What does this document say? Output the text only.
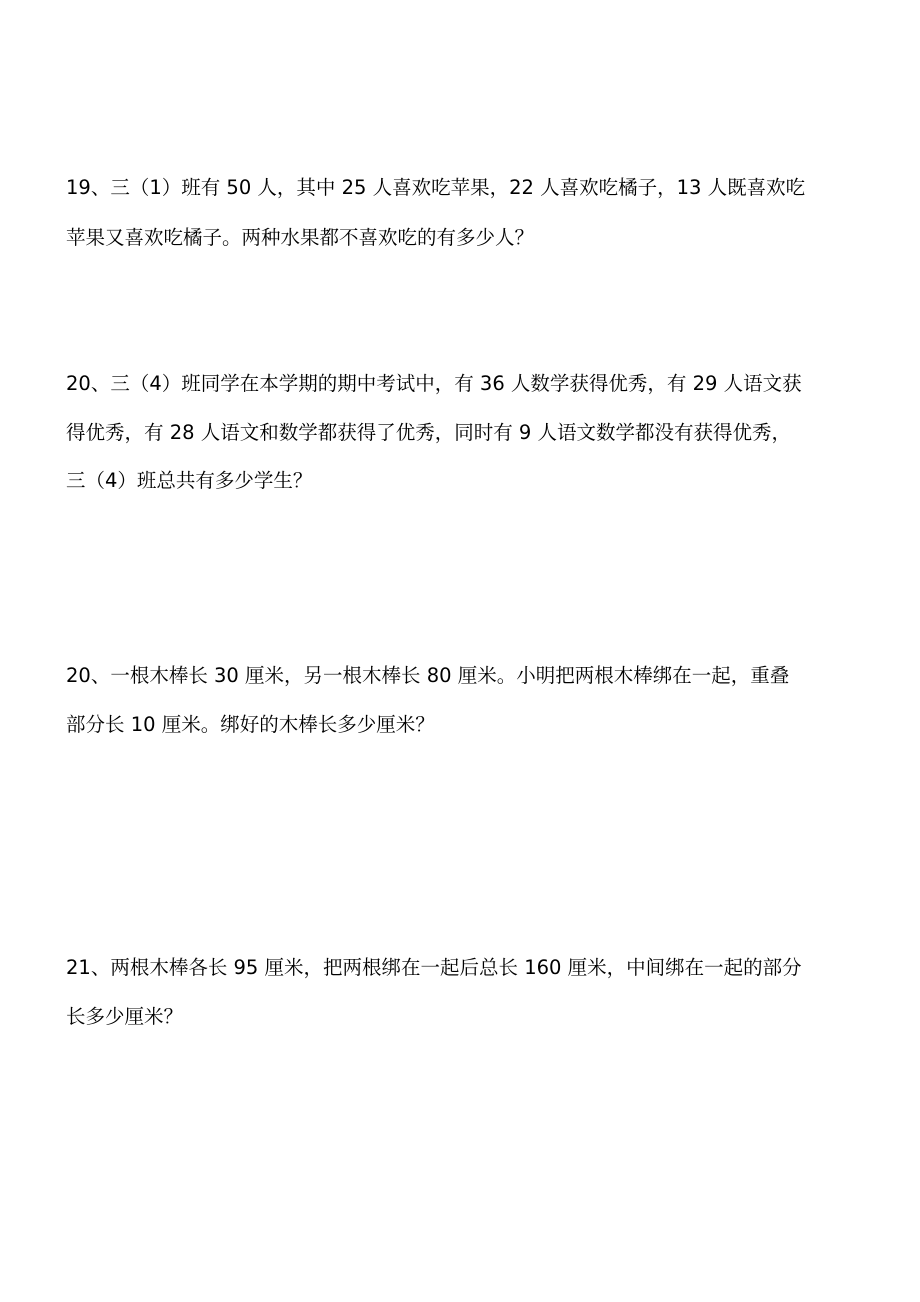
19、三（1）班有 50 人，其中 25 人喜欢吃苹果，22 人喜欢吃橘子，13 人既喜欢吃
苹果又喜欢吃橘子。两种水果都不喜欢吃的有多少人？
20、三（4）班同学在本学期的期中考试中，有 36 人数学获得优秀，有 29 人语文获
得优秀，有 28 人语文和数学都获得了优秀，同时有 9 人语文数学都没有获得优秀，
三（4）班总共有多少学生？
20、一根木棒长 30 厘米，另一根木棒长 80 厘米。小明把两根木棒绑在一起，重叠
部分长 10 厘米。绑好的木棒长多少厘米？
21、两根木棒各长 95 厘米，把两根绑在一起后总长 160 厘米，中间绑在一起的部分
长多少厘米？
